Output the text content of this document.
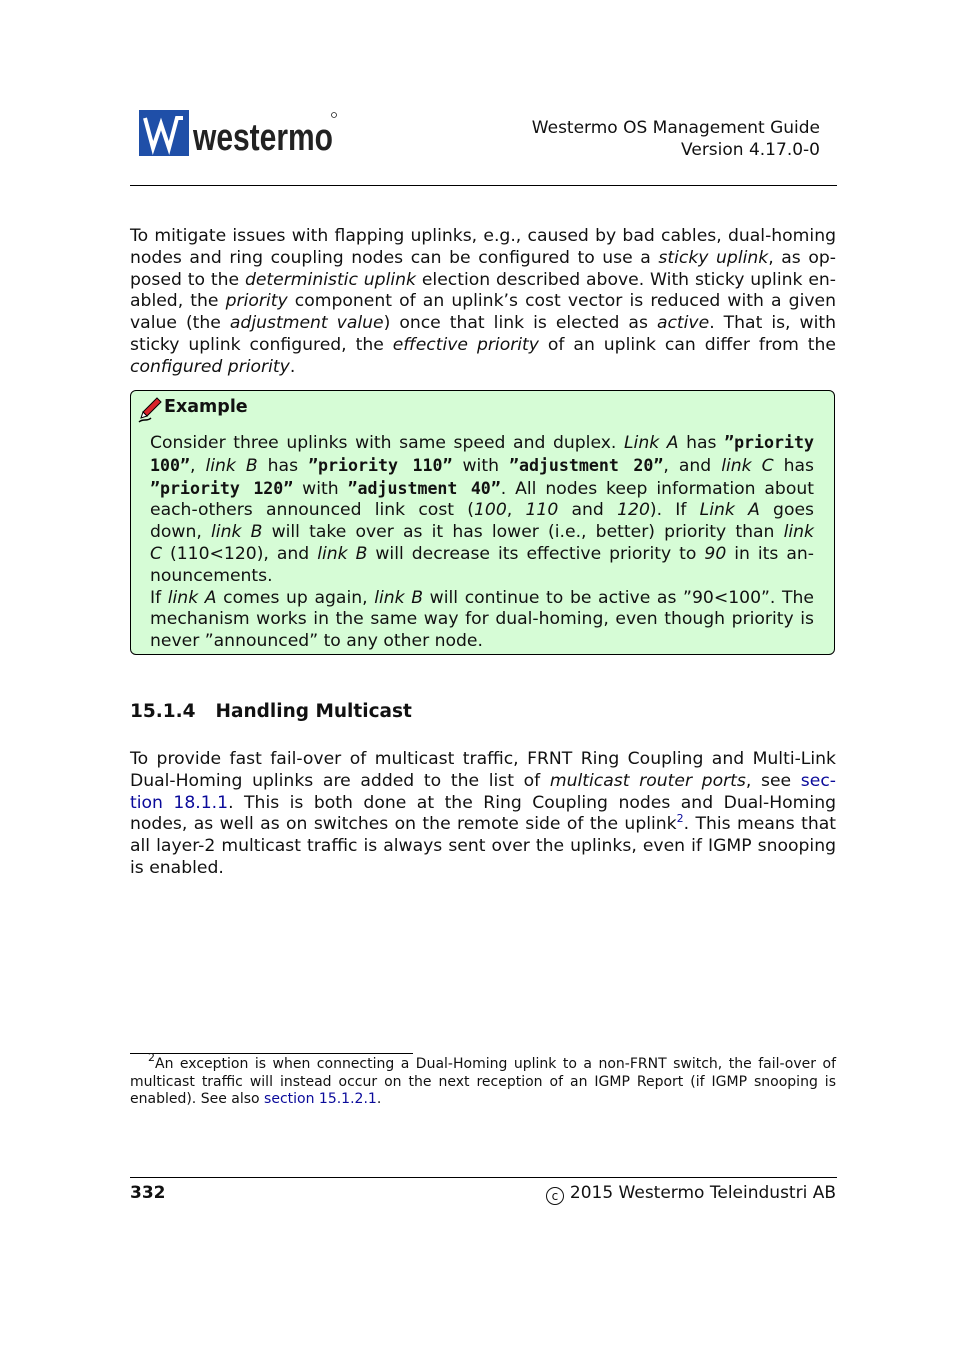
westermo	Westermo OS Management Guide
Version 4.17.0-0
To mitigate issues with flapping uplinks, e.g., caused by bad cables, dual-homing
nodes and ring coupling nodes can be configured to use a sticky uplink, as op-
posed to the deterministic uplink election described above. With sticky uplink en-
abled, the priority component of an uplink’s cost vector is reduced with a given
value (the adjustment value) once that link is elected as active. That is, with
sticky uplink configured, the effective priority of an uplink can differ from the
configured priority.
Example
Consider three uplinks with same speed and duplex. Link A has ”priority
100”, link B has ”priority 110” with ”adjustment 20”, and link C has
”priority 120” with ”adjustment 40”. All nodes keep information about
each-others announced link cost (100, 110 and 120). If Link A goes
down, link B will take over as it has lower (i.e., better) priority than link
C (110<120), and link B will decrease its effective priority to 90 in its an-
nouncements.
If link A comes up again, link B will continue to be active as ”90<100”. The
mechanism works in the same way for dual-homing, even though priority is
never ”announced” to any other node.
15.1.4 Handling Multicast
To provide fast fail-over of multicast traffic, FRNT Ring Coupling and Multi-Link
Dual-Homing uplinks are added to the list of multicast router ports, see sec-
tion 18.1.1. This is both done at the Ring Coupling nodes and Dual-Homing
nodes, as well as on switches on the remote side of the uplink$^2$. This means that
all layer-2 multicast traffic is always sent over the uplinks, even if IGMP snooping
is enabled.
$^2$An exception is when connecting a Dual-Homing uplink to a non-FRNT switch, the fail-over of
multicast traffic will instead occur on the next reception of an IGMP Report (if IGMP snooping is
enabled). See also section 15.1.2.1.
332	c 2015 Westermo Teleindustri AB
